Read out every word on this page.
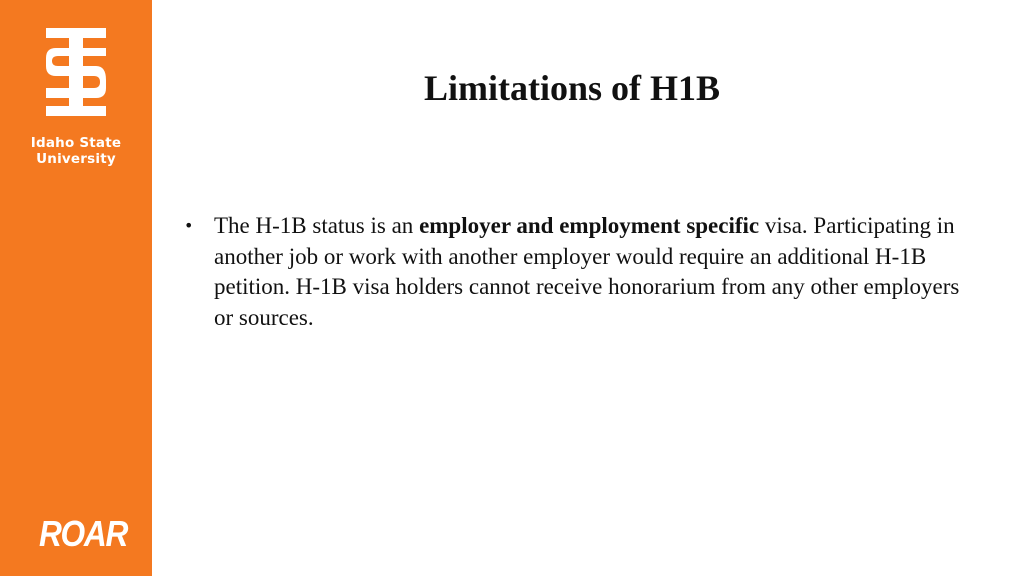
Idaho State
University
ROAR
Limitations of H1B
• The H-1B status is an employer and employment specific visa. Participating in another job or work with another employer would require an additional H-1B petition. H-1B visa holders cannot receive honorarium from any other employers or sources.
